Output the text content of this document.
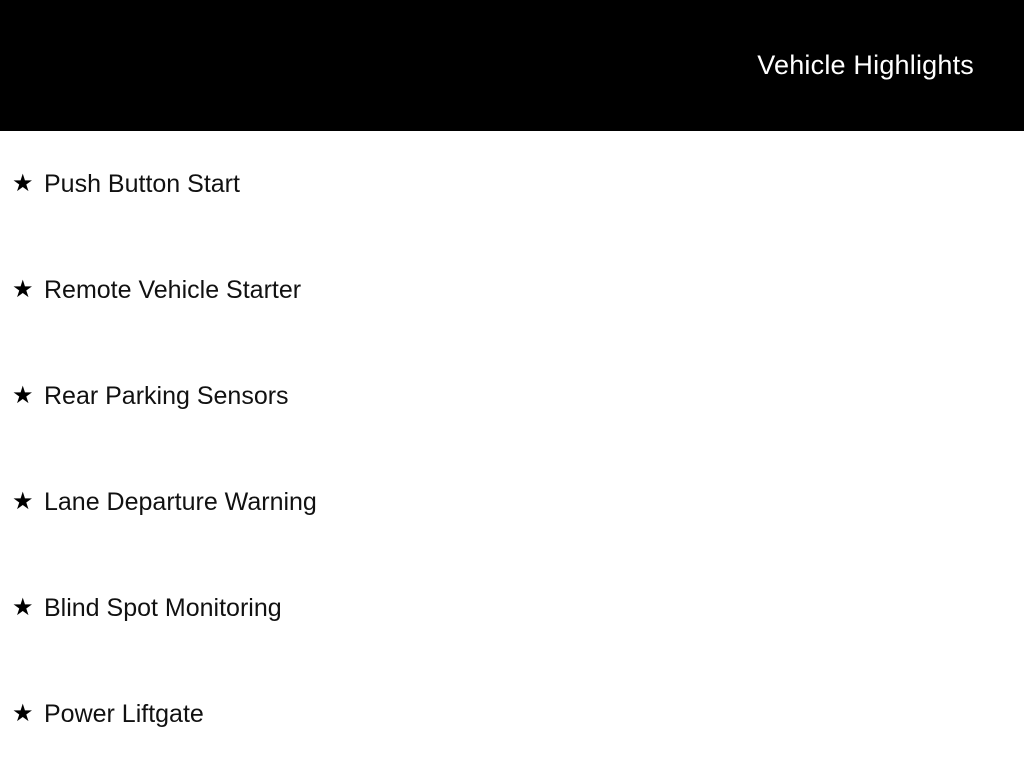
Vehicle Highlights
★ Push Button Start
★ Remote Vehicle Starter
★ Rear Parking Sensors
★ Lane Departure Warning
★ Blind Spot Monitoring
★ Power Liftgate
